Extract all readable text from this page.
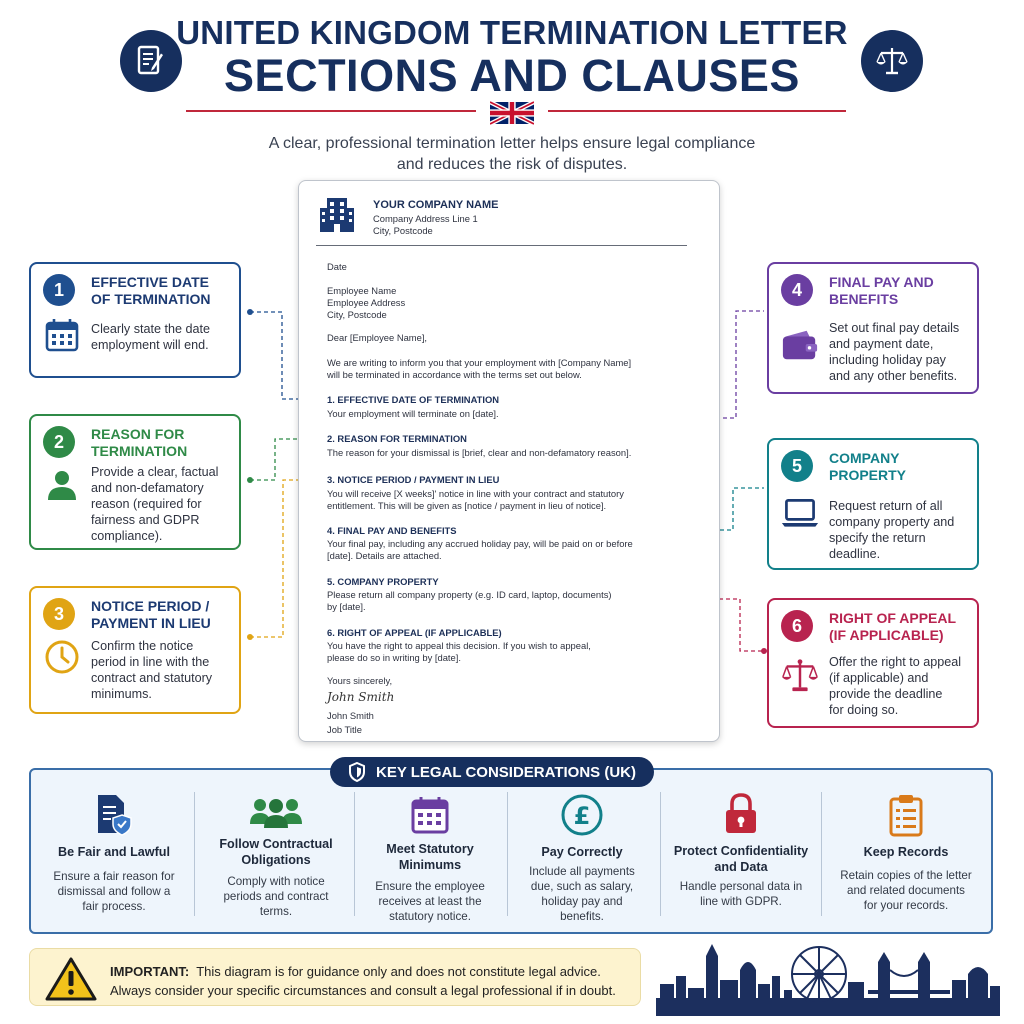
UNITED KINGDOM TERMINATION LETTER
SECTIONS AND CLAUSES
A clear, professional termination letter helps ensure legal compliance
and reduces the risk of disputes.
YOUR COMPANY NAME
Company Address Line 1
City, Postcode
Date
Employee Name
Employee Address
City, Postcode
Dear [Employee Name],
We are writing to inform you that your employment with [Company Name]
will be terminated in accordance with the terms set out below.
1. EFFECTIVE DATE OF TERMINATION
Your employment will terminate on [date].
2. REASON FOR TERMINATION
The reason for your dismissal is [brief, clear and non-defamatory reason].
3. NOTICE PERIOD / PAYMENT IN LIEU
You will receive [X weeks]' notice in line with your contract and statutory
entitlement. This will be given as [notice / payment in lieu of notice].
4. FINAL PAY AND BENEFITS
Your final pay, including any accrued holiday pay, will be paid on or before
[date]. Details are attached.
5. COMPANY PROPERTY
Please return all company property (e.g. ID card, laptop, documents)
by [date].
6. RIGHT OF APPEAL (IF APPLICABLE)
You have the right to appeal this decision. If you wish to appeal,
please do so in writing by [date].
Yours sincerely,
John Smith
John Smith
Job Title
1	EFFECTIVE DATE
OF TERMINATION
Clearly state the date
employment will end.
2	REASON FOR
TERMINATION
Provide a clear, factual
and non-defamatory
reason (required for
fairness and GDPR
compliance).
3	NOTICE PERIOD /
PAYMENT IN LIEU
Confirm the notice
period in line with the
contract and statutory
minimums.
4	FINAL PAY AND
BENEFITS
Set out final pay details
and payment date,
including holiday pay
and any other benefits.
5	COMPANY
PROPERTY
Request return of all
company property and
specify the return
deadline.
6	RIGHT OF APPEAL
(IF APPLICABLE)
Offer the right to appeal
(if applicable) and
provide the deadline
for doing so.
KEY LEGAL CONSIDERATIONS (UK)
Be Fair and Lawful
Ensure a fair reason for
dismissal and follow a
fair process.
Follow Contractual
Obligations
Comply with notice
periods and contract
terms.
Meet Statutory
Minimums
Ensure the employee
receives at least the
statutory notice.
£
Pay Correctly
Include all payments
due, such as salary,
holiday pay and
benefits.
Protect Confidentiality
and Data
Handle personal data in
line with GDPR.
Keep Records
Retain copies of the letter
and related documents
for your records.
IMPORTANT: This diagram is for guidance only and does not constitute legal advice.
Always consider your specific circumstances and consult a legal professional if in doubt.
